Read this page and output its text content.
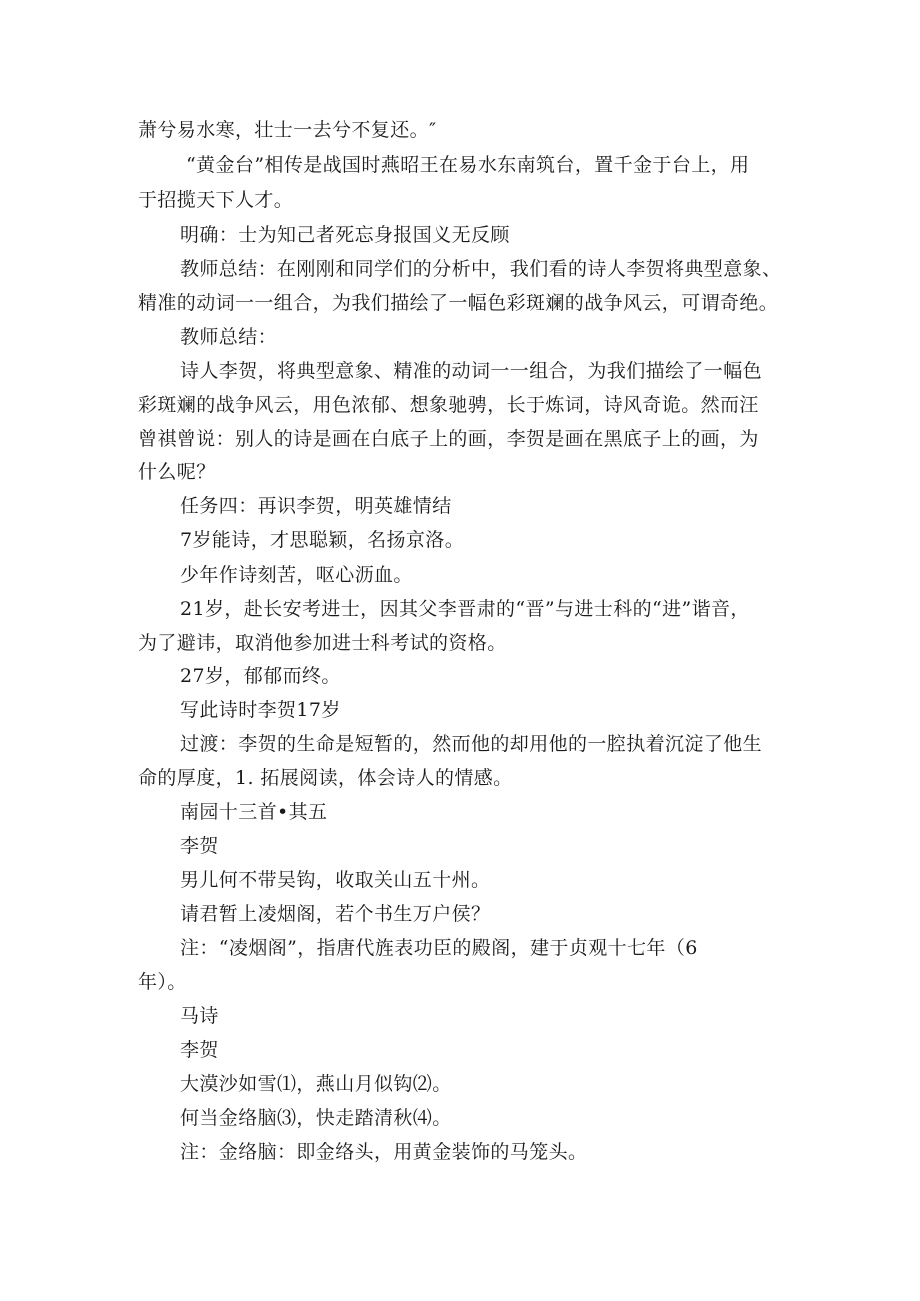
萧兮易水寒，壮士一去兮不复还。″
“黄金台”相传是战国时燕昭王在易水东南筑台，置千金于台上，用
于招揽天下人才。
明确：士为知己者死忘身报国义无反顾
教师总结：在刚刚和同学们的分析中，我们看的诗人李贺将典型意象、
精准的动词一一组合，为我们描绘了一幅色彩斑斓的战争风云，可谓奇绝。
教师总结：
诗人李贺，将典型意象、精准的动词一一组合，为我们描绘了一幅色
彩斑斓的战争风云，用色浓郁、想象驰骋，长于炼词，诗风奇诡。然而汪
曾祺曾说：别人的诗是画在白底子上的画，李贺是画在黑底子上的画，为
什么呢？
任务四：再识李贺，明英雄情结
7岁能诗，才思聪颖，名扬京洛。
少年作诗刻苦，呕心沥血。
21岁，赴长安考进士，因其父李晋肃的“晋”与进士科的“进”谐音，
为了避讳，取消他参加进士科考试的资格。
27岁，郁郁而终。
写此诗时李贺17岁
过渡：李贺的生命是短暂的，然而他的却用他的一腔执着沉淀了他生
命的厚度，1. 拓展阅读，体会诗人的情感。
南园十三首•其五
李贺
男儿何不带吴钩，收取关山五十州。
请君暂上凌烟阁，若个书生万户侯？
注：“凌烟阁”，指唐代旌表功臣的殿阁，建于贞观十七年（6
年）。
马诗
李贺
大漠沙如雪⑴，燕山月似钩⑵。
何当金络脑⑶，快走踏清秋⑷。
注：金络脑：即金络头，用黄金装饰的马笼头。
